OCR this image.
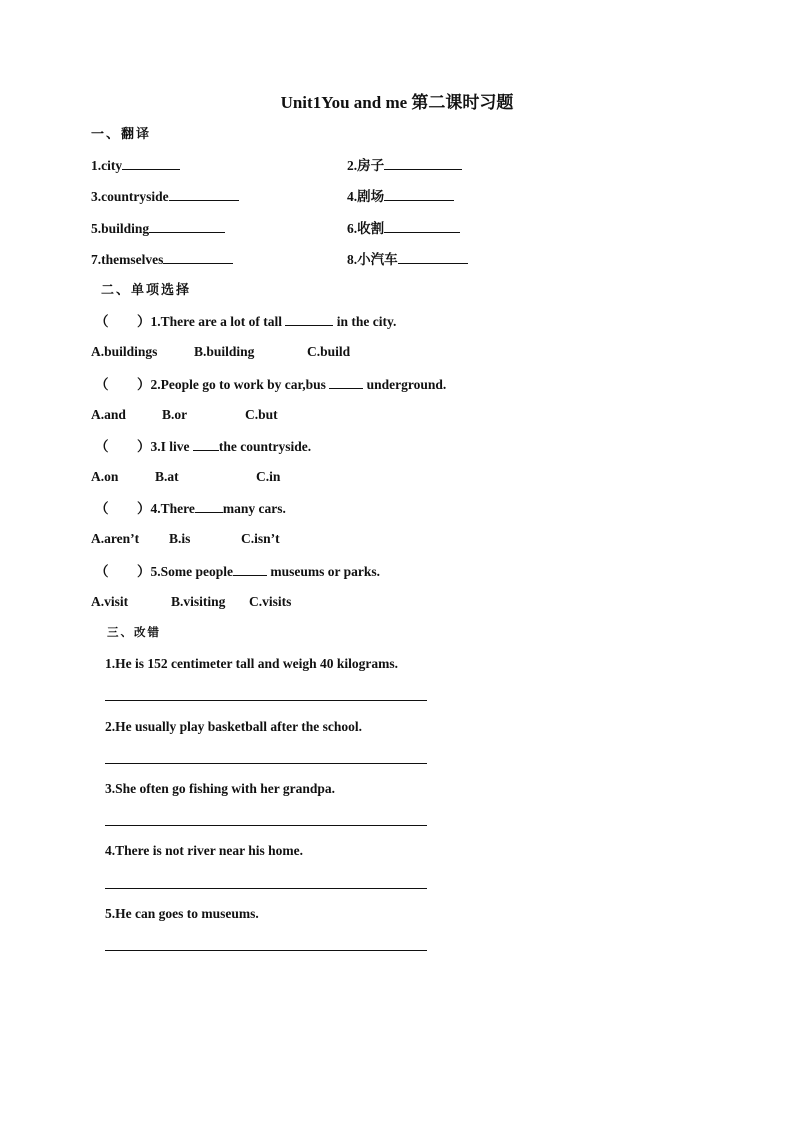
Unit1You and me 第二课时习题
一、翻译
1.city	2.房子
3.countryside	4.剧场
5.building	6.收割
7.themselves	8.小汽车
二、单项选择
（ ）1.There are a lot of tall	in the city.
A.buildings	B.building	C.build
（ ）2.People go to work by car,bus	underground.
A.and	B.or	C.but
（ ）3.I live the countryside.
A.on	B.at	C.in
（ ）4.There many cars.
A.aren’t B.is	C.isn’t
（ ）5.Some people	museums or parks.
A.visit	B.visiting C.visits
三、改错
1.He is 152 centimeter tall and weigh 40 kilograms.
2.He usually play basketball after the school.
3.She often go fishing with her grandpa.
4.There is not river near his home.
5.He can goes to museums.
